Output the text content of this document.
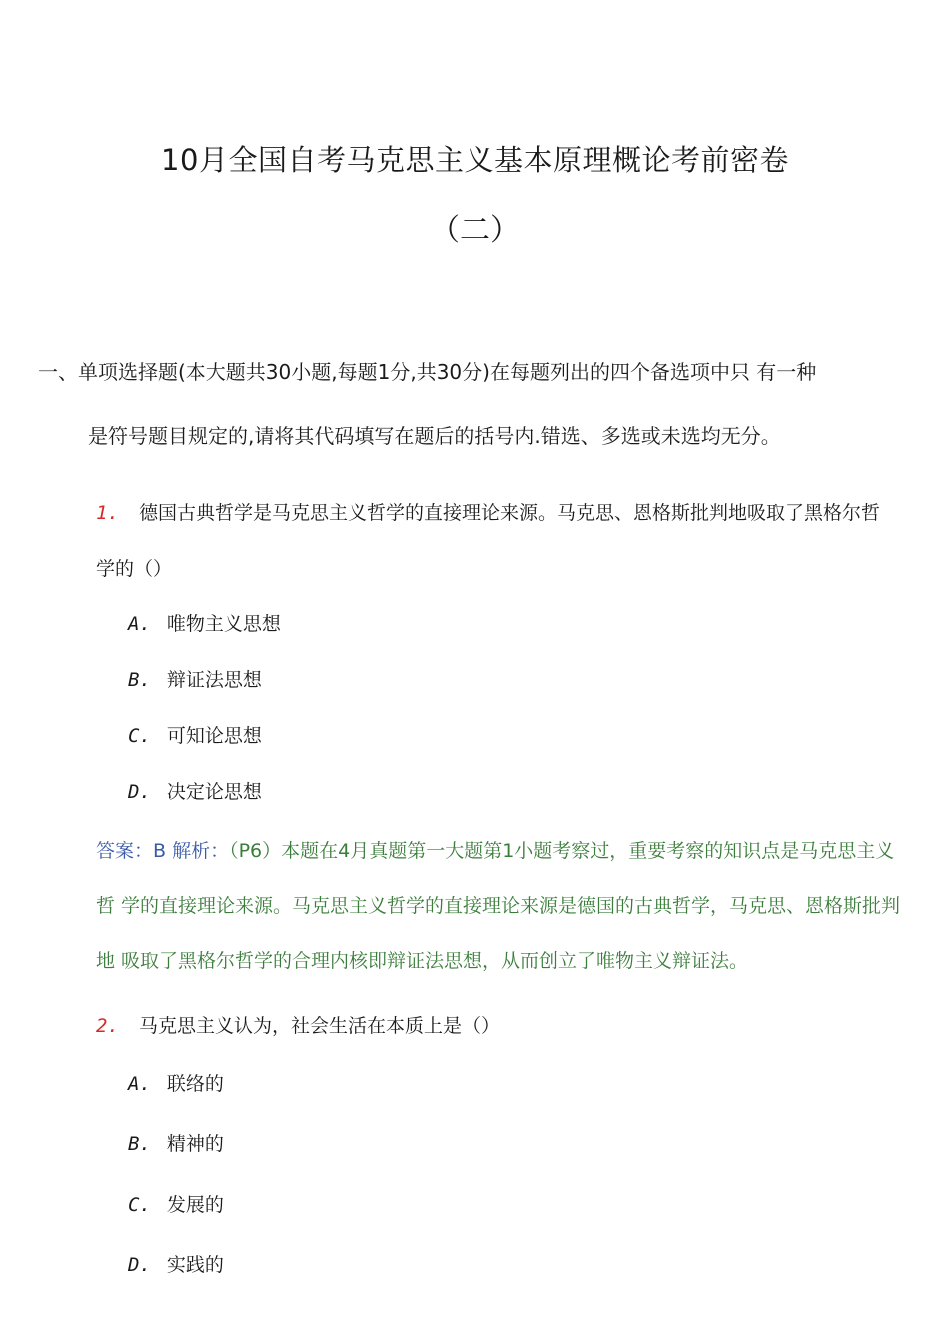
10月全国自考马克思主义基本原理概论考前密卷
（二）
一、单项选择题(本大题共30小题,每题1分,共30分)在每题列出的四个备选项中只 有一种
是符号题目规定的,请将其代码填写在题后的括号内.错选、多选或未选均无分。
1. 德国古典哲学是马克思主义哲学的直接理论来源。马克思、恩格斯批判地吸取了黑格尔哲
学的（）
A. 唯物主义思想
B. 辩证法思想
C. 可知论思想
D. 决定论思想
答案：B 解析：（P6）本题在4月真题第一大题第1小题考察过，重要考察的知识点是马克思主义
哲 学的直接理论来源。马克思主义哲学的直接理论来源是德国的古典哲学，马克思、恩格斯批判
地 吸取了黑格尔哲学的合理内核即辩证法思想，从而创立了唯物主义辩证法。
2. 马克思主义认为，社会生活在本质上是（）
A. 联络的
B. 精神的
C. 发展的
D. 实践的
